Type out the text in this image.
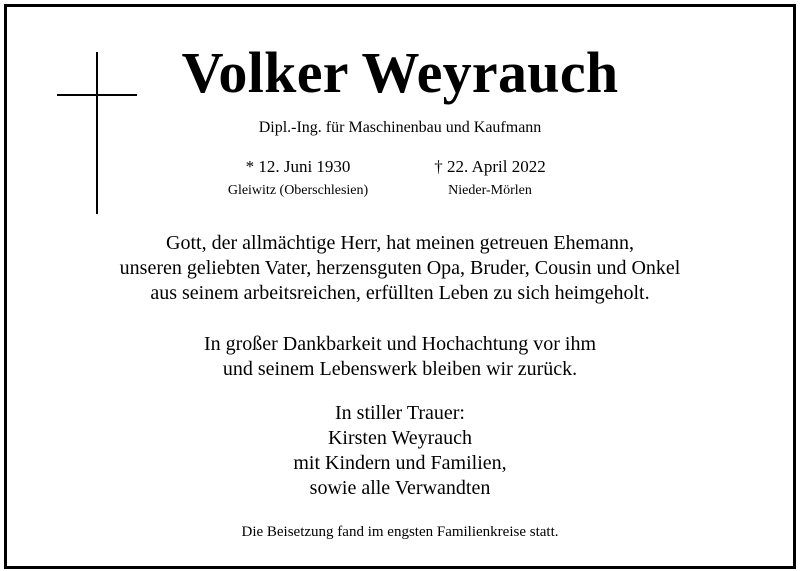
Volker Weyrauch
Dipl.-Ing. für Maschinenbau und Kaufmann
* 12. Juni 1930
Gleiwitz (Oberschlesien)
† 22. April 2022
Nieder-Mörlen
Gott, der allmächtige Herr, hat meinen getreuen Ehemann,
unseren geliebten Vater, herzensguten Opa, Bruder, Cousin und Onkel
aus seinem arbeitsreichen, erfüllten Leben zu sich heimgeholt.
In großer Dankbarkeit und Hochachtung vor ihm
und seinem Lebenswerk bleiben wir zurück.
In stiller Trauer:
Kirsten Weyrauch
mit Kindern und Familien,
sowie alle Verwandten
Die Beisetzung fand im engsten Familienkreise statt.
